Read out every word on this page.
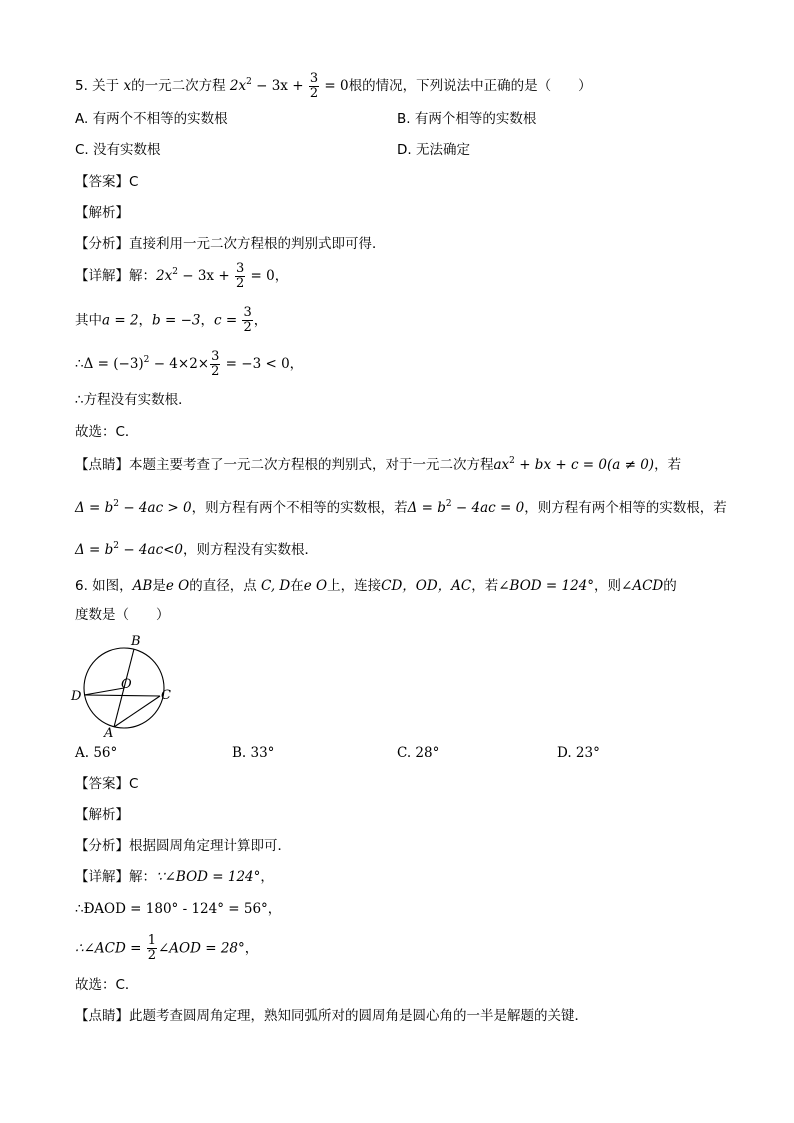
5. 关于 x的一元二次方程 $2x^2 - 3x + \frac{3}{2} = 0$根的情况，下列说法中正确的是（　　）
A. 有两个不相等的实数根	B. 有两个相等的实数根
C. 没有实数根	D. 无法确定
【答案】C
【解析】
【分析】直接利用一元二次方程根的判别式即可得．
【详解】解：$2x^2 - 3x + \frac{3}{2} = 0$，
其中a = 2，b = −3，$c = \frac{3}{2}$ ，
∴Δ = $(-3)^2 - 4\times 2\times \frac{3}{2} = -3 < 0$，
∴方程没有实数根．
故选：C．
【点睛】本题主要考查了一元二次方程根的判别式，对于一元二次方程$ax^2$ + bx + c = 0(a ≠ 0)，若
$\Delta = b^2 - 4ac > 0$，则方程有两个不相等的实数根，若$\Delta = b^2 - 4ac = 0$，则方程有两个相等的实数根，若
$\Delta = b^2 - 4ac<0$，则方程没有实数根．
6. 如图，AB是e O的直径，点 C, D在e O上，连接CD，OD，AC，若∠BOD = 124°，则∠ACD的
度数是（　　）
B
O
D	C
A
A. 56°	B. 33°	C. 28°	D. 23°
【答案】C
【解析】
【分析】根据圆周角定理计算即可．
【详解】解：∵∠BOD = 124°，
∴ÐAOD = 180° - 124° = 56°，
∴∠ACD = $\frac{1}{2}$ ∠AOD = 28°，
故选：C．
【点睛】此题考查圆周角定理，熟知同弧所对的圆周角是圆心角的一半是解题的关键．
